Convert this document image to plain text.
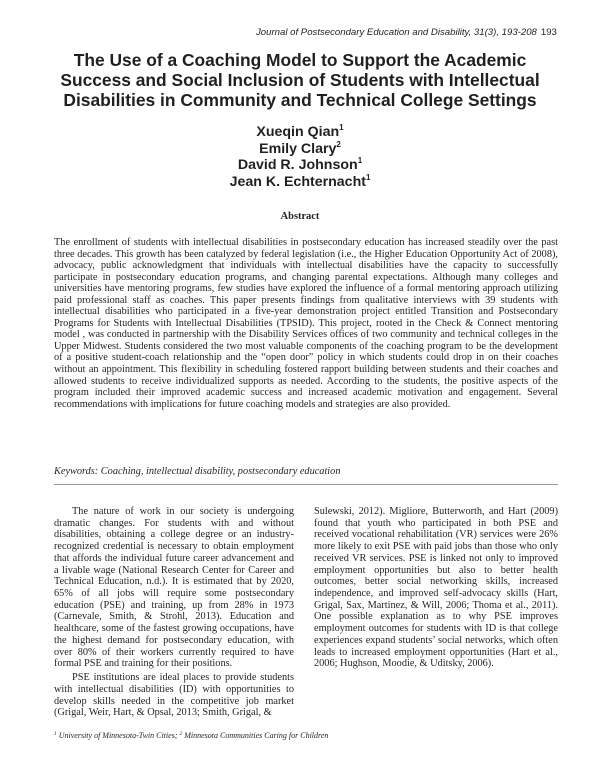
Journal of Postsecondary Education and Disability, 31(3), 193-208 193
The Use of a Coaching Model to Support the Academic Success and Social Inclusion of Students with Intellectual Disabilities in Community and Technical College Settings
Xueqin Qian$^1$
Emily Clary$^2$
David R. Johnson$^1$
Jean K. Echternacht$^1$
Abstract
The enrollment of students with intellectual disabilities in postsecondary education has increased steadily over the past three decades. This growth has been catalyzed by federal legislation (i.e., the Higher Education Opportunity Act of 2008), advocacy, public acknowledgment that individuals with intellectual disabilities have the capacity to successfully participate in postsecondary education programs, and changing parental expectations. Although many colleges and universities have mentoring programs, few studies have explored the influence of a formal mentoring approach utilizing paid professional staff as coaches. This paper presents findings from qualitative interviews with 39 students with intellectual disabilities who participated in a five-year demonstration project entitled Transition and Postsecondary Programs for Students with Intellectual Disabilities (TPSID). This project, rooted in the Check & Connect mentoring model , was conducted in partnership with the Disability Services offices of two community and technical colleges in the Upper Midwest. Students considered the two most valuable components of the coaching program to be the development of a positive student-coach relationship and the “open door” policy in which students could drop in on their coaches without an appointment. This flexibility in scheduling fostered rapport building between students and their coaches and allowed students to receive individualized supports as needed. According to the students, the positive aspects of the program included their improved academic success and increased academic motivation and engagement. Several recommendations with implications for future coaching models and strategies are also provided.
Keywords: Coaching, intellectual disability, postsecondary education

The nature of work in our society is undergoing dramatic changes. For students with and without disabilities, obtaining a college degree or an industry-recognized credential is necessary to obtain employment that affords the individual future career advancement and a livable wage (National Research Center for Career and Technical Education, n.d.). It is estimated that by 2020, 65% of all jobs will require some postsecondary education (PSE) and training, up from 28% in 1973 (Carnevale, Smith, & Strohl, 2013). Education and healthcare, some of the fastest growing occupations, have the highest demand for postsecondary education, with over 80% of their workers currently required to have formal PSE and training for their positions.

PSE institutions are ideal places to provide students with intellectual disabilities (ID) with opportunities to develop skills needed in the competitive job market (Grigal, Weir, Hart, & Opsal, 2013; Smith, Grigal, &

Sulewski, 2012). Migliore, Butterworth, and Hart (2009) found that youth who participated in both PSE and received vocational rehabilitation (VR) services were 26% more likely to exit PSE with paid jobs than those who only received VR services. PSE is linked not only to improved employment opportunities but also to better health outcomes, better social networking skills, increased independence, and improved self-advocacy skills (Hart, Grigal, Sax, Martinez, & Will, 2006; Thoma et al., 2011). One possible explanation as to why PSE improves employment outcomes for students with ID is that college experiences expand students’ social networks, which often leads to increased employment opportunities (Hart et al., 2006; Hughson, Moodie, & Uditsky, 2006).

$^1$ University of Minnesota-Twin Cities; $^2$ Minnesota Communities Caring for Children
